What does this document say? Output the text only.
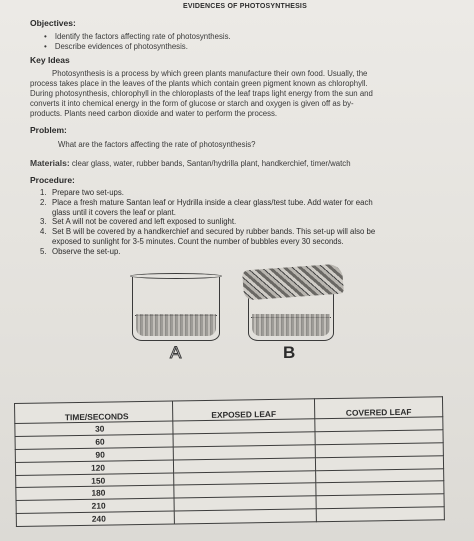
EVIDENCES OF PHOTOSYNTHESIS
Objectives:
• Identify the factors affecting rate of photosynthesis.
• Describe evidences of photosynthesis.
Key Ideas
Photosynthesis is a process by which green plants manufacture their own food. Usually, the
process takes place in the leaves of the plants which contain green pigment known as chlorophyll.
During photosynthesis, chlorophyll in the chloroplasts of the leaf traps light energy from the sun and
converts it into chemical energy in the form of glucose or starch and oxygen is given off as by-
products. Plants need carbon dioxide and water to perform the process.
Problem:
What are the factors affecting the rate of photosynthesis?
Materials: clear glass, water, rubber bands, Santan/hydrilla plant, handkerchief, timer/watch
Procedure:
1. Prepare two set-ups.
2. Place a fresh mature Santan leaf or Hydrilla inside a clear glass/test tube. Add water for each
glass until it covers the leaf or plant.
3. Set A will not be covered and left exposed to sunlight.
4. Set B will be covered by a handkerchief and secured by rubber bands. This set-up will also be
exposed to sunlight for 3-5 minutes. Count the number of bubbles every 30 seconds.
5. Observe the set-up.
A	B
TIME/SECONDS	EXPOSED LEAF	COVERED LEAF
30		
60		
90		
120		
150		
180		
210		
240		
